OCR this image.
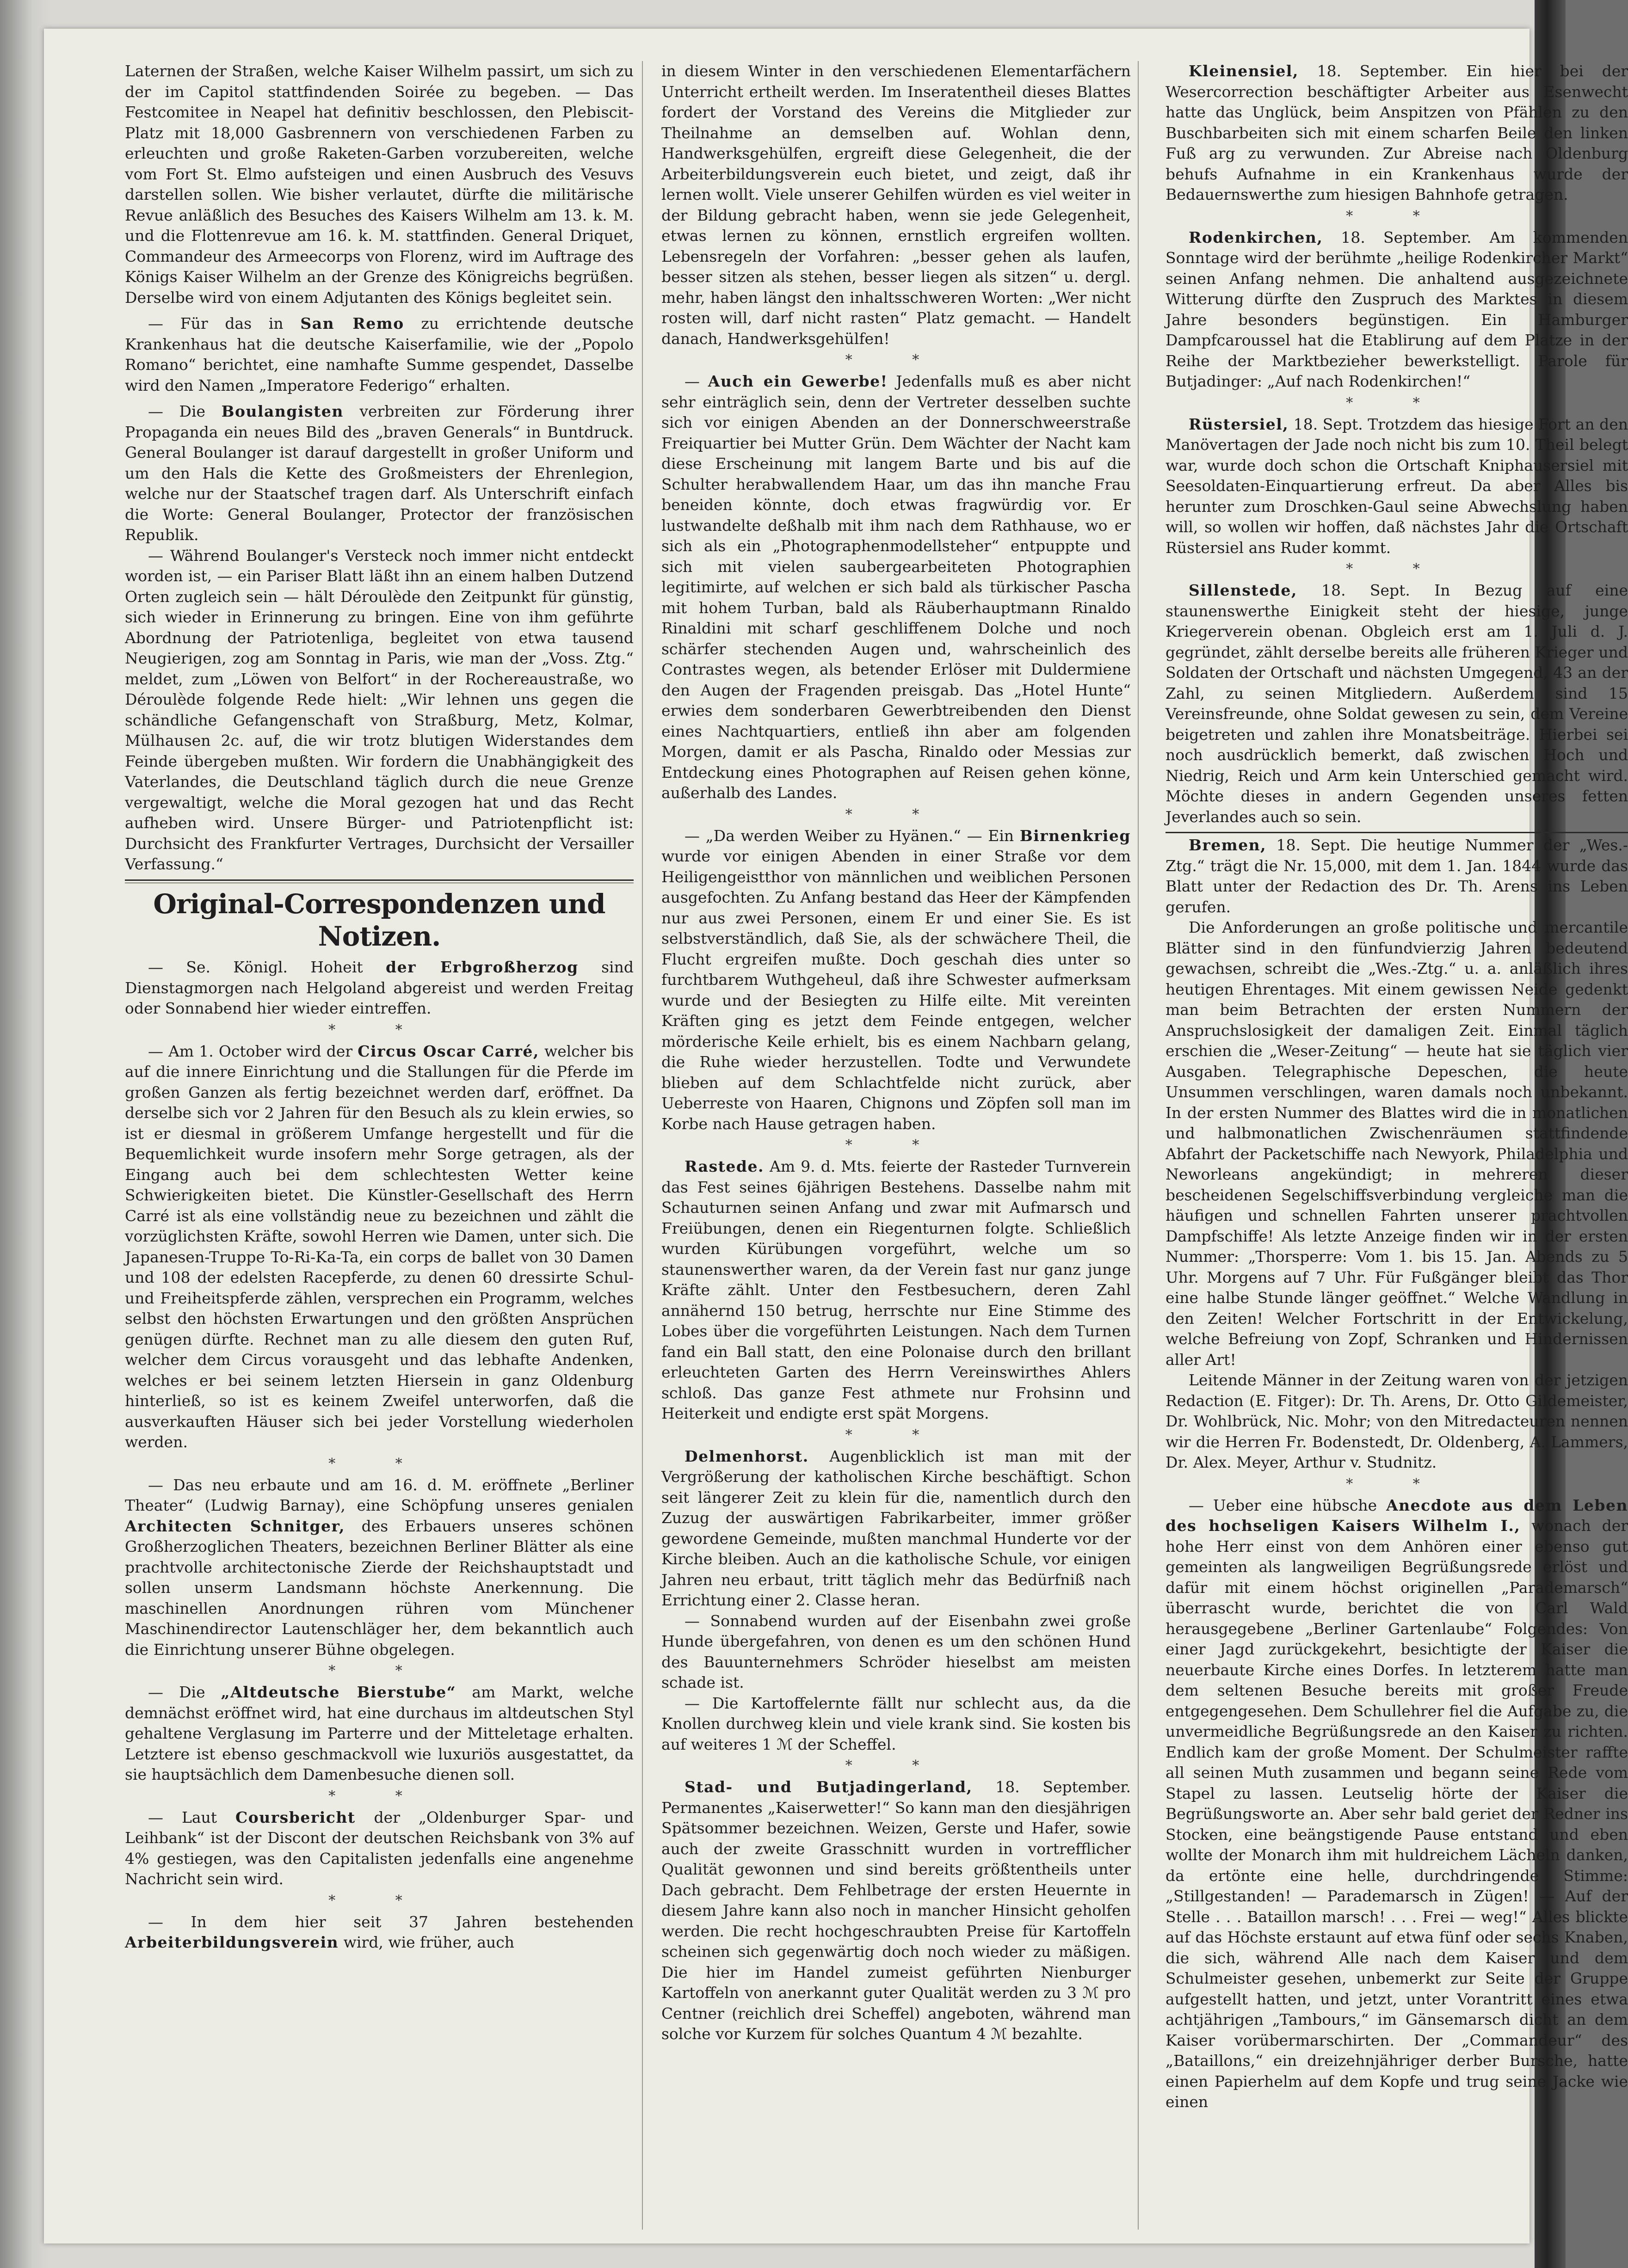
Laternen der Straßen, welche Kaiser Wilhelm passirt, um sich zu der im Capitol stattfindenden Soirée zu begeben. — Das Festcomitee in Neapel hat definitiv beschlossen, den Plebiscit-Platz mit 18,000 Gasbrennern von verschiedenen Farben zu erleuchten und große Raketen-Garben vorzubereiten, welche vom Fort St. Elmo aufsteigen und einen Ausbruch des Vesuvs darstellen sollen. Wie bisher verlautet, dürfte die militärische Revue anläßlich des Besuches des Kaisers Wilhelm am 13. k. M. und die Flottenrevue am 16. k. M. stattfinden. General Driquet, Commandeur des Armeecorps von Florenz, wird im Auftrage des Königs Kaiser Wilhelm an der Grenze des Königreichs begrüßen. Derselbe wird von einem Adjutanten des Königs begleitet sein.

— Für das in San Remo zu errichtende deutsche Krankenhaus hat die deutsche Kaiserfamilie, wie der „Popolo Romano“ berichtet, eine namhafte Summe gespendet, Dasselbe wird den Namen „Imperatore Federigo“ erhalten.

— Die Boulangisten verbreiten zur Förderung ihrer Propaganda ein neues Bild des „braven Generals“ in Buntdruck. General Boulanger ist darauf dargestellt in großer Uniform und um den Hals die Kette des Großmeisters der Ehrenlegion, welche nur der Staatschef tragen darf. Als Unterschrift einfach die Worte: General Boulanger, Protector der französischen Republik.

— Während Boulanger's Versteck noch immer nicht entdeckt worden ist, — ein Pariser Blatt läßt ihn an einem halben Dutzend Orten zugleich sein — hält Déroulède den Zeitpunkt für günstig, sich wieder in Erinnerung zu bringen. Eine von ihm geführte Abordnung der Patriotenliga, begleitet von etwa tausend Neugierigen, zog am Sonntag in Paris, wie man der „Voss. Ztg.“ meldet, zum „Löwen von Belfort“ in der Rochereaustraße, wo Déroulède folgende Rede hielt: „Wir lehnen uns gegen die schändliche Gefangenschaft von Straßburg, Metz, Kolmar, Mülhausen 2c. auf, die wir trotz blutigen Widerstandes dem Feinde übergeben mußten. Wir fordern die Unabhängigkeit des Vaterlandes, die Deutschland täglich durch die neue Grenze vergewaltigt, welche die Moral gezogen hat und das Recht aufheben wird. Unsere Bürger- und Patriotenpflicht ist: Durchsicht des Frankfurter Vertrages, Durchsicht der Versailler Verfassung.“

Original-Correspondenzen und Notizen.

— Se. Königl. Hoheit der Erbgroßherzog sind Dienstagmorgen nach Helgoland abgereist und werden Freitag oder Sonnabend hier wieder eintreffen.

* *

— Am 1. October wird der Circus Oscar Carré, welcher bis auf die innere Einrichtung und die Stallungen für die Pferde im großen Ganzen als fertig bezeichnet werden darf, eröffnet. Da derselbe sich vor 2 Jahren für den Besuch als zu klein erwies, so ist er diesmal in größerem Umfange hergestellt und für die Bequemlichkeit wurde insofern mehr Sorge getragen, als der Eingang auch bei dem schlechtesten Wetter keine Schwierigkeiten bietet. Die Künstler-Gesellschaft des Herrn Carré ist als eine vollständig neue zu bezeichnen und zählt die vorzüglichsten Kräfte, sowohl Herren wie Damen, unter sich. Die Japanesen-Truppe To-Ri-Ka-Ta, ein corps de ballet von 30 Damen und 108 der edelsten Racepferde, zu denen 60 dressirte Schul- und Freiheitspferde zählen, versprechen ein Programm, welches selbst den höchsten Erwartungen und den größten Ansprüchen genügen dürfte. Rechnet man zu alle diesem den guten Ruf, welcher dem Circus vorausgeht und das lebhafte Andenken, welches er bei seinem letzten Hiersein in ganz Oldenburg hinterließ, so ist es keinem Zweifel unterworfen, daß die ausverkauften Häuser sich bei jeder Vorstellung wiederholen werden.

* *

— Das neu erbaute und am 16. d. M. eröffnete „Berliner Theater“ (Ludwig Barnay), eine Schöpfung unseres genialen Architecten Schnitger, des Erbauers unseres schönen Großherzoglichen Theaters, bezeichnen Berliner Blätter als eine prachtvolle architectonische Zierde der Reichshauptstadt und sollen unserm Landsmann höchste Anerkennung. Die maschinellen Anordnungen rühren vom Münchener Maschinendirector Lautenschläger her, dem bekanntlich auch die Einrichtung unserer Bühne obgelegen.

* *

— Die „Altdeutsche Bierstube“ am Markt, welche demnächst eröffnet wird, hat eine durchaus im altdeutschen Styl gehaltene Verglasung im Parterre und der Mitteletage erhalten. Letztere ist ebenso geschmackvoll wie luxuriös ausgestattet, da sie hauptsächlich dem Damenbesuche dienen soll.

* *

— Laut Coursbericht der „Oldenburger Spar- und Leihbank“ ist der Discont der deutschen Reichsbank von 3% auf 4% gestiegen, was den Capitalisten jedenfalls eine angenehme Nachricht sein wird.

* *

— In dem hier seit 37 Jahren bestehenden Arbeiterbildungsverein wird, wie früher, auch

in diesem Winter in den verschiedenen Elementarfächern Unterricht ertheilt werden. Im Inseratentheil dieses Blattes fordert der Vorstand des Vereins die Mitglieder zur Theilnahme an demselben auf. Wohlan denn, Handwerksgehülfen, ergreift diese Gelegenheit, die der Arbeiterbildungsverein euch bietet, und zeigt, daß ihr lernen wollt. Viele unserer Gehilfen würden es viel weiter in der Bildung gebracht haben, wenn sie jede Gelegenheit, etwas lernen zu können, ernstlich ergreifen wollten. Lebensregeln der Vorfahren: „besser gehen als laufen, besser sitzen als stehen, besser liegen als sitzen“ u. dergl. mehr, haben längst den inhaltsschweren Worten: „Wer nicht rosten will, darf nicht rasten“ Platz gemacht. — Handelt danach, Handwerksgehülfen!

* *

— Auch ein Gewerbe! Jedenfalls muß es aber nicht sehr einträglich sein, denn der Vertreter desselben suchte sich vor einigen Abenden an der Donnerschweerstraße Freiquartier bei Mutter Grün. Dem Wächter der Nacht kam diese Erscheinung mit langem Barte und bis auf die Schulter herabwallendem Haar, um das ihn manche Frau beneiden könnte, doch etwas fragwürdig vor. Er lustwandelte deßhalb mit ihm nach dem Rathhause, wo er sich als ein „Photographenmodellsteher“ entpuppte und sich mit vielen saubergearbeiteten Photographien legitimirte, auf welchen er sich bald als türkischer Pascha mit hohem Turban, bald als Räuberhauptmann Rinaldo Rinaldini mit scharf geschliffenem Dolche und noch schärfer stechenden Augen und, wahrscheinlich des Contrastes wegen, als betender Erlöser mit Duldermiene den Augen der Fragenden preisgab. Das „Hotel Hunte“ erwies dem sonderbaren Gewerbtreibenden den Dienst eines Nachtquartiers, entließ ihn aber am folgenden Morgen, damit er als Pascha, Rinaldo oder Messias zur Entdeckung eines Photographen auf Reisen gehen könne, außerhalb des Landes.

* *

— „Da werden Weiber zu Hyänen.“ — Ein Birnenkrieg wurde vor einigen Abenden in einer Straße vor dem Heiligengeistthor von männlichen und weiblichen Personen ausgefochten. Zu Anfang bestand das Heer der Kämpfenden nur aus zwei Personen, einem Er und einer Sie. Es ist selbstverständlich, daß Sie, als der schwächere Theil, die Flucht ergreifen mußte. Doch geschah dies unter so furchtbarem Wuthgeheul, daß ihre Schwester aufmerksam wurde und der Besiegten zu Hilfe eilte. Mit vereinten Kräften ging es jetzt dem Feinde entgegen, welcher mörderische Keile erhielt, bis es einem Nachbarn gelang, die Ruhe wieder herzustellen. Todte und Verwundete blieben auf dem Schlachtfelde nicht zurück, aber Ueberreste von Haaren, Chignons und Zöpfen soll man im Korbe nach Hause getragen haben.

* *

Rastede. Am 9. d. Mts. feierte der Rasteder Turnverein das Fest seines 6jährigen Bestehens. Dasselbe nahm mit Schauturnen seinen Anfang und zwar mit Aufmarsch und Freiübungen, denen ein Riegenturnen folgte. Schließlich wurden Kürübungen vorgeführt, welche um so staunenswerther waren, da der Verein fast nur ganz junge Kräfte zählt. Unter den Festbesuchern, deren Zahl annähernd 150 betrug, herrschte nur Eine Stimme des Lobes über die vorgeführten Leistungen. Nach dem Turnen fand ein Ball statt, den eine Polonaise durch den brillant erleuchteten Garten des Herrn Vereinswirthes Ahlers schloß. Das ganze Fest athmete nur Frohsinn und Heiterkeit und endigte erst spät Morgens.

* *

Delmenhorst. Augenblicklich ist man mit der Vergrößerung der katholischen Kirche beschäftigt. Schon seit längerer Zeit zu klein für die, namentlich durch den Zuzug der auswärtigen Fabrikarbeiter, immer größer gewordene Gemeinde, mußten manchmal Hunderte vor der Kirche bleiben. Auch an die katholische Schule, vor einigen Jahren neu erbaut, tritt täglich mehr das Bedürfniß nach Errichtung einer 2. Classe heran.

— Sonnabend wurden auf der Eisenbahn zwei große Hunde übergefahren, von denen es um den schönen Hund des Bauunternehmers Schröder hieselbst am meisten schade ist.

— Die Kartoffelernte fällt nur schlecht aus, da die Knollen durchweg klein und viele krank sind. Sie kosten bis auf weiteres 1 ℳ der Scheffel.

* *

Stad- und Butjadingerland, 18. September. Permanentes „Kaiserwetter!“ So kann man den diesjährigen Spätsommer bezeichnen. Weizen, Gerste und Hafer, sowie auch der zweite Grasschnitt wurden in vortrefflicher Qualität gewonnen und sind bereits größtentheils unter Dach gebracht. Dem Fehlbetrage der ersten Heuernte in diesem Jahre kann also noch in mancher Hinsicht geholfen werden. Die recht hochgeschraubten Preise für Kartoffeln scheinen sich gegenwärtig doch noch wieder zu mäßigen. Die hier im Handel zumeist geführten Nienburger Kartoffeln von anerkannt guter Qualität werden zu 3 ℳ pro Centner (reichlich drei Scheffel) angeboten, während man solche vor Kurzem für solches Quantum 4 ℳ bezahlte.

Kleinensiel, 18. September. Ein hier bei der Wesercorrection beschäftigter Arbeiter aus Esenwecht hatte das Unglück, beim Anspitzen von Pfählen zu den Buschbarbeiten sich mit einem scharfen Beile den linken Fuß arg zu verwunden. Zur Abreise nach Oldenburg behufs Aufnahme in ein Krankenhaus wurde der Bedauernswerthe zum hiesigen Bahnhofe getragen.

* *

Rodenkirchen, 18. September. Am kommenden Sonntage wird der berühmte „heilige Rodenkircher Markt“ seinen Anfang nehmen. Die anhaltend ausgezeichnete Witterung dürfte den Zuspruch des Marktes in diesem Jahre besonders begünstigen. Ein Hamburger Dampfcaroussel hat die Etablirung auf dem Platze in der Reihe der Marktbezieher bewerkstelligt. Parole für Butjadinger: „Auf nach Rodenkirchen!“

* *

Rüstersiel, 18. Sept. Trotzdem das hiesige Fort an den Manövertagen der Jade noch nicht bis zum 10. Theil belegt war, wurde doch schon die Ortschaft Kniphausersiel mit Seesoldaten-Einquartierung erfreut. Da aber Alles bis herunter zum Droschken-Gaul seine Abwechslung haben will, so wollen wir hoffen, daß nächstes Jahr die Ortschaft Rüstersiel ans Ruder kommt.

* *

Sillenstede, 18. Sept. In Bezug auf eine staunenswerthe Einigkeit steht der hiesige, junge Kriegerverein obenan. Obgleich erst am 1. Juli d. J. gegründet, zählt derselbe bereits alle früheren Krieger und Soldaten der Ortschaft und nächsten Umgegend, 43 an der Zahl, zu seinen Mitgliedern. Außerdem sind 15 Vereinsfreunde, ohne Soldat gewesen zu sein, dem Vereine beigetreten und zahlen ihre Monatsbeiträge. Hierbei sei noch ausdrücklich bemerkt, daß zwischen Hoch und Niedrig, Reich und Arm kein Unterschied gemacht wird. Möchte dieses in andern Gegenden unseres fetten Jeverlandes auch so sein.

Bremen, 18. Sept. Die heutige Nummer der „Wes.-Ztg.“ trägt die Nr. 15,000, mit dem 1. Jan. 1844 wurde das Blatt unter der Redaction des Dr. Th. Arens ins Leben gerufen.

Die Anforderungen an große politische und mercantile Blätter sind in den fünfundvierzig Jahren bedeutend gewachsen, schreibt die „Wes.-Ztg.“ u. a. anläßlich ihres heutigen Ehrentages. Mit einem gewissen Neide gedenkt man beim Betrachten der ersten Nummern der Anspruchslosigkeit der damaligen Zeit. Einmal täglich erschien die „Weser-Zeitung“ — heute hat sie täglich vier Ausgaben. Telegraphische Depeschen, die heute Unsummen verschlingen, waren damals noch unbekannt. In der ersten Nummer des Blattes wird die in monatlichen und halbmonatlichen Zwischenräumen stattfindende Abfahrt der Packetschiffe nach Newyork, Philadelphia und Neworleans angekündigt; in mehreren dieser bescheidenen Segelschiffsverbindung vergleiche man die häufigen und schnellen Fahrten unserer prachtvollen Dampfschiffe! Als letzte Anzeige finden wir in der ersten Nummer: „Thorsperre: Vom 1. bis 15. Jan. Abends zu 5 Uhr. Morgens auf 7 Uhr. Für Fußgänger bleibt das Thor eine halbe Stunde länger geöffnet.“ Welche Wandlung in den Zeiten! Welcher Fortschritt in der Entwickelung, welche Befreiung von Zopf, Schranken und Hindernissen aller Art!

Leitende Männer in der Zeitung waren von der jetzigen Redaction (E. Fitger): Dr. Th. Arens, Dr. Otto Gildemeister, Dr. Wohlbrück, Nic. Mohr; von den Mitredacteuren nennen wir die Herren Fr. Bodenstedt, Dr. Oldenberg, A. Lammers, Dr. Alex. Meyer, Arthur v. Studnitz.

* *

— Ueber eine hübsche Anecdote aus dem Leben des hochseligen Kaisers Wilhelm I., wonach der hohe Herr einst von dem Anhören einer ebenso gut gemeinten als langweiligen Begrüßungsrede erlöst und dafür mit einem höchst originellen „Parademarsch“ überrascht wurde, berichtet die von Carl Wald herausgegebene „Berliner Gartenlaube“ Folgendes: Von einer Jagd zurückgekehrt, besichtigte der Kaiser die neuerbaute Kirche eines Dorfes. In letzterem hatte man dem seltenen Besuche bereits mit großer Freude entgegengesehen. Dem Schullehrer fiel die Aufgabe zu, die unvermeidliche Begrüßungsrede an den Kaiser zu richten. Endlich kam der große Moment. Der Schulmeister raffte all seinen Muth zusammen und begann seine Rede vom Stapel zu lassen. Leutselig hörte der Kaiser die Begrüßungsworte an. Aber sehr bald geriet der Redner ins Stocken, eine beängstigende Pause entstand und eben wollte der Monarch ihm mit huldreichem Lächeln danken, da ertönte eine helle, durchdringende Stimme: „Stillgestanden! — Parademarsch in Zügen! — Auf der Stelle . . . Bataillon marsch! . . . Frei — weg!“ Alles blickte auf das Höchste erstaunt auf etwa fünf oder sechs Knaben, die sich, während Alle nach dem Kaiser und dem Schulmeister gesehen, unbemerkt zur Seite der Gruppe aufgestellt hatten, und jetzt, unter Vorantritt eines etwa achtjährigen „Tambours,“ im Gänsemarsch dicht an dem Kaiser vorübermarschirten. Der „Commandeur“ des „Bataillons,“ ein dreizehnjähriger derber Bursche, hatte einen Papierhelm auf dem Kopfe und trug seine Jacke wie einen
